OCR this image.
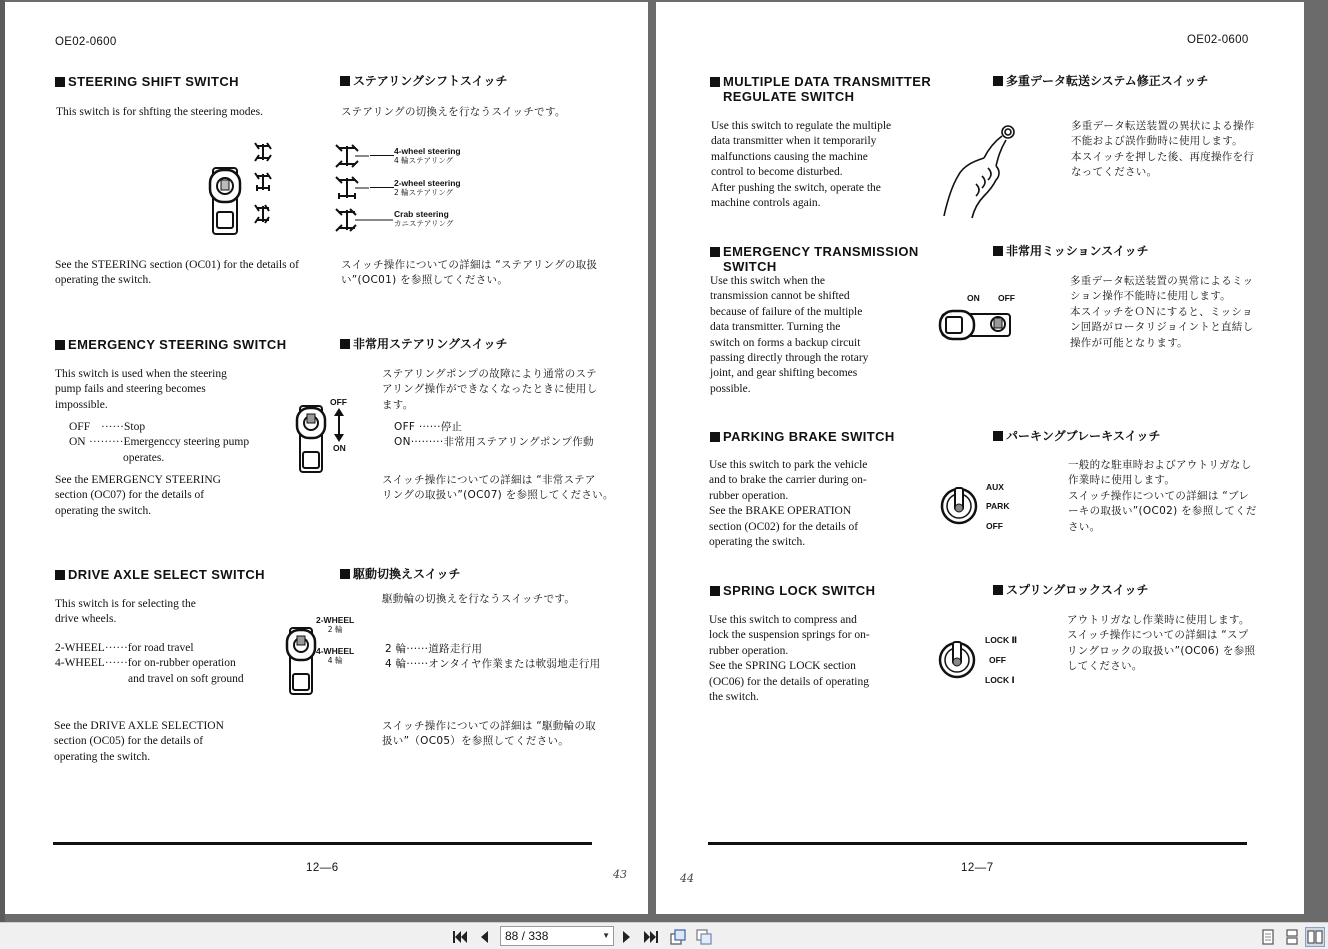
OE02-0600
STEERING SHIFT SWITCH	ステアリングシフトスイッチ
This switch is for shfting the steering modes.	ステアリングの切換えを行なうスイッチです。
4-wheel steering
4 輪ステアリング
2-wheel steering
2 輪ステアリング
Crab steering
カニステアリング
See the STEERING section (OC01) for the details of
operating the switch.
スイッチ操作についての詳細は “ステアリングの取扱
い”(OC01) を参照してください。
EMERGENCY STEERING SWITCH	非常用ステアリングスイッチ
This switch is used when the steering
pump fails and steering becomes
impossible.
OFF ······Stop
ON ·········Emergenccy steering pump
operates.
OFF
ON
ステアリングポンプの故障により通常のステ
アリング操作ができなくなったときに使用し
ます。
OFF ······停止
ON·········非常用ステアリングポンプ作動
See the EMERGENCY STEERING
section (OC07) for the details of
operating the switch.
スイッチ操作についての詳細は “非常ステア
リングの取扱い”(OC07) を参照してください。
DRIVE AXLE SELECT SWITCH	駆動切換えスイッチ
This switch is for selecting the
drive wheels.
駆動輪の切換えを行なうスイッチです。
2-WHEEL······for road travel
4-WHEEL······for on-rubber operation
and travel on soft ground
2-WHEEL
2 輪
4-WHEEL
4 輪
2 輪······道路走行用
4 輪······オンタイヤ作業または軟弱地走行用
See the DRIVE AXLE SELECTION
section (OC05) for the details of
operating the switch.
スイッチ操作についての詳細は “駆動輪の取
扱い”（OC05）を参照してください。
12—6	43
OE02-0600
MULTIPLE DATA TRANSMITTER
REGULATE SWITCH
多重データ転送システム修正スイッチ
Use this switch to regulate the multiple
data transmitter when it temporarily
malfunctions causing the machine
control to become disturbed.
After pushing the switch, operate the
machine controls again.
多重データ転送装置の異状による操作
不能および誤作動時に使用します。
本スイッチを押した後、再度操作を行
なってください。
EMERGENCY TRANSMISSION
SWITCH
非常用ミッションスイッチ
Use this switch when the
transmission cannot be shifted
because of failure of the multiple
data transmitter. Turning the
switch on forms a backup circuit
passing directly through the rotary
joint, and gear shifting becomes
possible.
ON OFF
多重データ転送装置の異常によるミッ
ション操作不能時に使用します。
本スイッチをＯＮにすると、ミッショ
ン回路がロータリジョイントと直結し
操作が可能となります。
PARKING BRAKE SWITCH	パーキングブレーキスイッチ
Use this switch to park the vehicle
and to brake the carrier during on-
rubber operation.
See the BRAKE OPERATION
section (OC02) for the details of
operating the switch.
AUX
PARK
OFF
一般的な駐車時およびアウトリガなし
作業時に使用します。
スイッチ操作についての詳細は “ブレ
ーキの取扱い”(OC02) を参照してくだ
さい。
SPRING LOCK SWITCH	スプリングロックスイッチ
Use this switch to compress and
lock the suspension springs for on-
rubber operation.
See the SPRING LOCK section
(OC06) for the details of operating
the switch.
LOCK Ⅱ
OFF
LOCK Ⅰ
アウトリガなし作業時に使用します。
スイッチ操作についての詳細は “スプ
リングロックの取扱い”(OC06) を参照
してください。
12—7
44
88 / 338	▼
